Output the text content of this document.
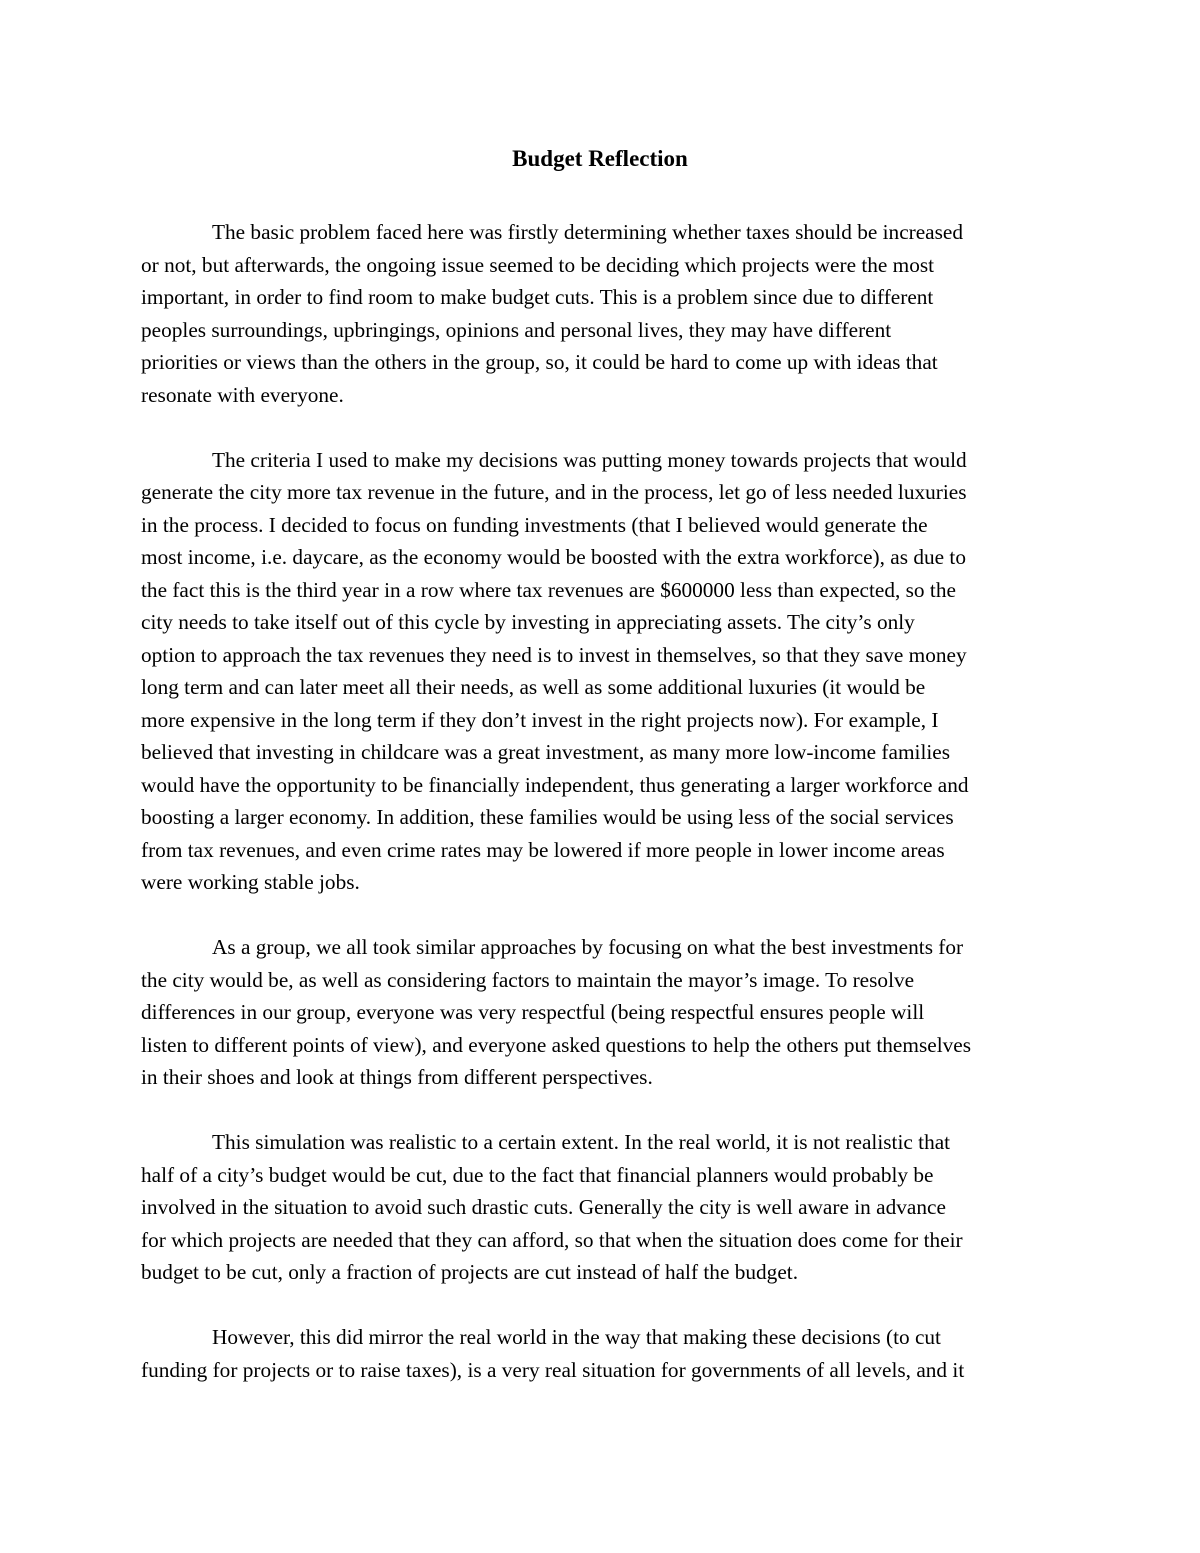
Budget Reflection
The basic problem faced here was firstly determining whether taxes should be increased
or not, but afterwards, the ongoing issue seemed to be deciding which projects were the most
important, in order to find room to make budget cuts. This is a problem since due to different
peoples surroundings, upbringings, opinions and personal lives, they may have different
priorities or views than the others in the group, so, it could be hard to come up with ideas that
resonate with everyone.
The criteria I used to make my decisions was putting money towards projects that would
generate the city more tax revenue in the future, and in the process, let go of less needed luxuries
in the process. I decided to focus on funding investments (that I believed would generate the
most income, i.e. daycare, as the economy would be boosted with the extra workforce), as due to
the fact this is the third year in a row where tax revenues are $600000 less than expected, so the
city needs to take itself out of this cycle by investing in appreciating assets. The city’s only
option to approach the tax revenues they need is to invest in themselves, so that they save money
long term and can later meet all their needs, as well as some additional luxuries (it would be
more expensive in the long term if they don’t invest in the right projects now). For example, I
believed that investing in childcare was a great investment, as many more low-income families
would have the opportunity to be financially independent, thus generating a larger workforce and
boosting a larger economy. In addition, these families would be using less of the social services
from tax revenues, and even crime rates may be lowered if more people in lower income areas
were working stable jobs.
As a group, we all took similar approaches by focusing on what the best investments for
the city would be, as well as considering factors to maintain the mayor’s image. To resolve
differences in our group, everyone was very respectful (being respectful ensures people will
listen to different points of view), and everyone asked questions to help the others put themselves
in their shoes and look at things from different perspectives.
This simulation was realistic to a certain extent. In the real world, it is not realistic that
half of a city’s budget would be cut, due to the fact that financial planners would probably be
involved in the situation to avoid such drastic cuts. Generally the city is well aware in advance
for which projects are needed that they can afford, so that when the situation does come for their
budget to be cut, only a fraction of projects are cut instead of half the budget.
However, this did mirror the real world in the way that making these decisions (to cut
funding for projects or to raise taxes), is a very real situation for governments of all levels, and it
